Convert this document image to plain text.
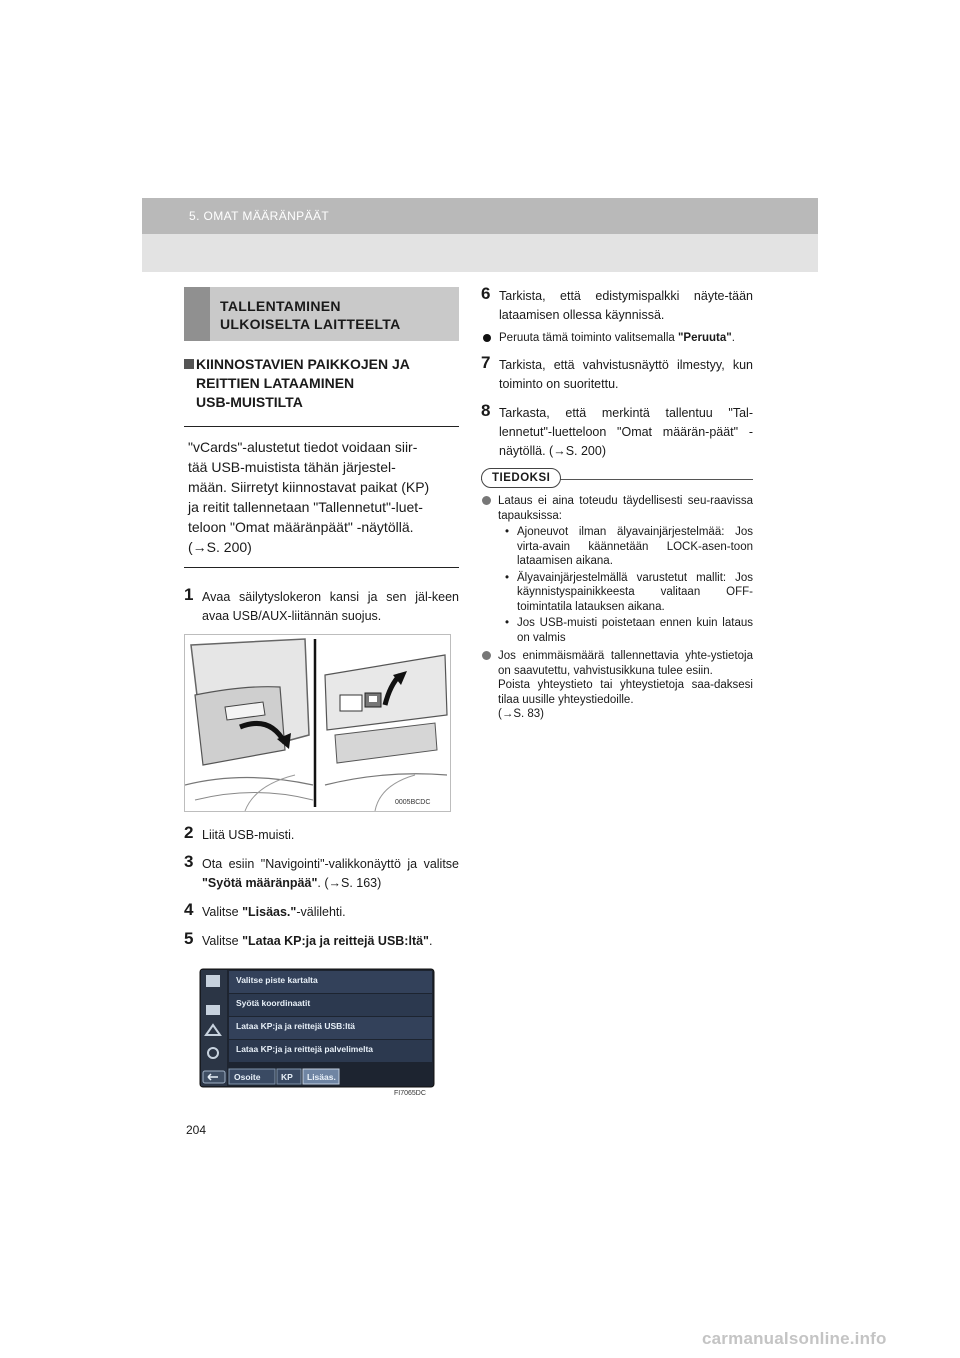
5. OMAT MÄÄRÄNPÄÄT
TALLENTAMINEN
ULKOISELTA LAITTEELTA
KIINNOSTAVIEN PAIKKOJEN JA
REITTIEN LATAAMINEN
USB-MUISTILTA
"vCards"-alustetut tiedot voidaan siir-
tää USB-muistista tähän järjestel-
mään. Siirretyt kiinnostavat paikat (KP)
ja reitit tallennetaan "Tallennetut"-luet-
teloon "Omat määränpäät" -näytöllä.
(→S. 200)
1 Avaa säilytyslokeron kansi ja sen jäl-keen avaa USB/AUX-liitännän suojus.
0005BCDC
2 Liitä USB-muisti.
3 Ota esiin "Navigointi"-valikkonäyttö ja valitse "Syötä määränpää". (→S. 163)
4 Valitse "Lisäas."-välilehti.
5 Valitse "Lataa KP:ja ja reittejä USB:ltä".
Valitse piste kartalta
Syötä koordinaatit
Lataa KP:ja ja reittejä USB:ltä
Lataa KP:ja ja reittejä palvelimelta
Osoite KP Lisäas.
FI7065DC
6 Tarkista, että edistymispalkki näyte-tään lataamisen ollessa käynnissä.
Peruuta tämä toiminto valitsemalla "Peruuta".
7 Tarkista, että vahvistusnäyttö ilmestyy, kun toiminto on suoritettu.
8 Tarkasta, että merkintä tallentuu "Tal-lennetut"-luetteloon "Omat määrän-päät" -näytöllä. (→S. 200)
TIEDOKSI
Lataus ei aina toteudu täydellisesti seu-raavissa tapauksissa:
• Ajoneuvot ilman älyavainjärjestelmää: Jos virta-avain käännetään LOCK-asen-toon lataamisen aikana.
• Älyavainjärjestelmällä varustetut mallit: Jos käynnistyspainikkeesta valitaan OFF-toimintatila latauksen aikana.
• Jos USB-muisti poistetaan ennen kuin lataus on valmis
Jos enimmäismäärä tallennettavia yhte-ystietoja on saavutettu, vahvistusikkuna tulee esiin.
Poista yhteystieto tai yhteystietoja saa-daksesi tilaa uusille yhteystiedoille.
(→S. 83)
204
carmanualsonline.info
